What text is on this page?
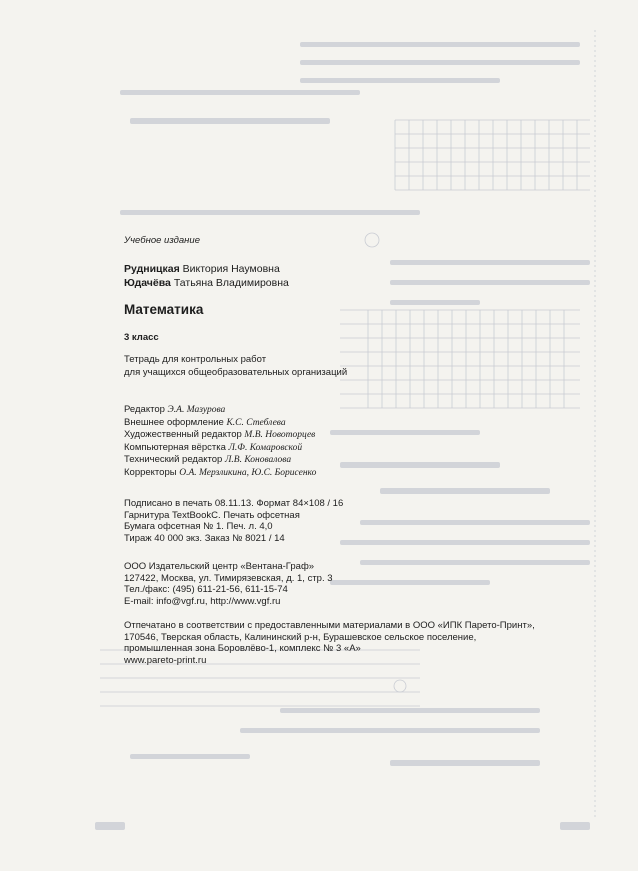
Учебное издание
Рудницкая Виктория Наумовна
Юдачёва Татьяна Владимировна
Математика
3 класс
Тетрадь для контрольных работ
для учащихся общеобразовательных организаций
Редактор Э.А. Мазурова
Внешнее оформление К.С. Стеблева
Художественный редактор М.В. Новоторцев
Компьютерная вёрстка Л.Ф. Комаровской
Технический редактор Л.В. Коновалова
Корректоры О.А. Мерзликина, Ю.С. Борисенко
Подписано в печать 08.11.13. Формат 84×108 / 16
Гарнитура TextBookC. Печать офсетная
Бумага офсетная № 1. Печ. л. 4,0
Тираж 40 000 экз. Заказ № 8021 / 14
ООО Издательский центр «Вентана-Граф»
127422, Москва, ул. Тимирязевская, д. 1, стр. 3
Тел./факс: (495) 611-21-56, 611-15-74
E-mail: info@vgf.ru, http://www.vgf.ru
Отпечатано в соответствии с предоставленными материалами в ООО «ИПК Парето-Принт»,
170546, Тверская область, Калининский р-н, Бурашевское сельское поселение,
промышленная зона Боровлёво-1, комплекс № 3 «А»
www.pareto-print.ru
